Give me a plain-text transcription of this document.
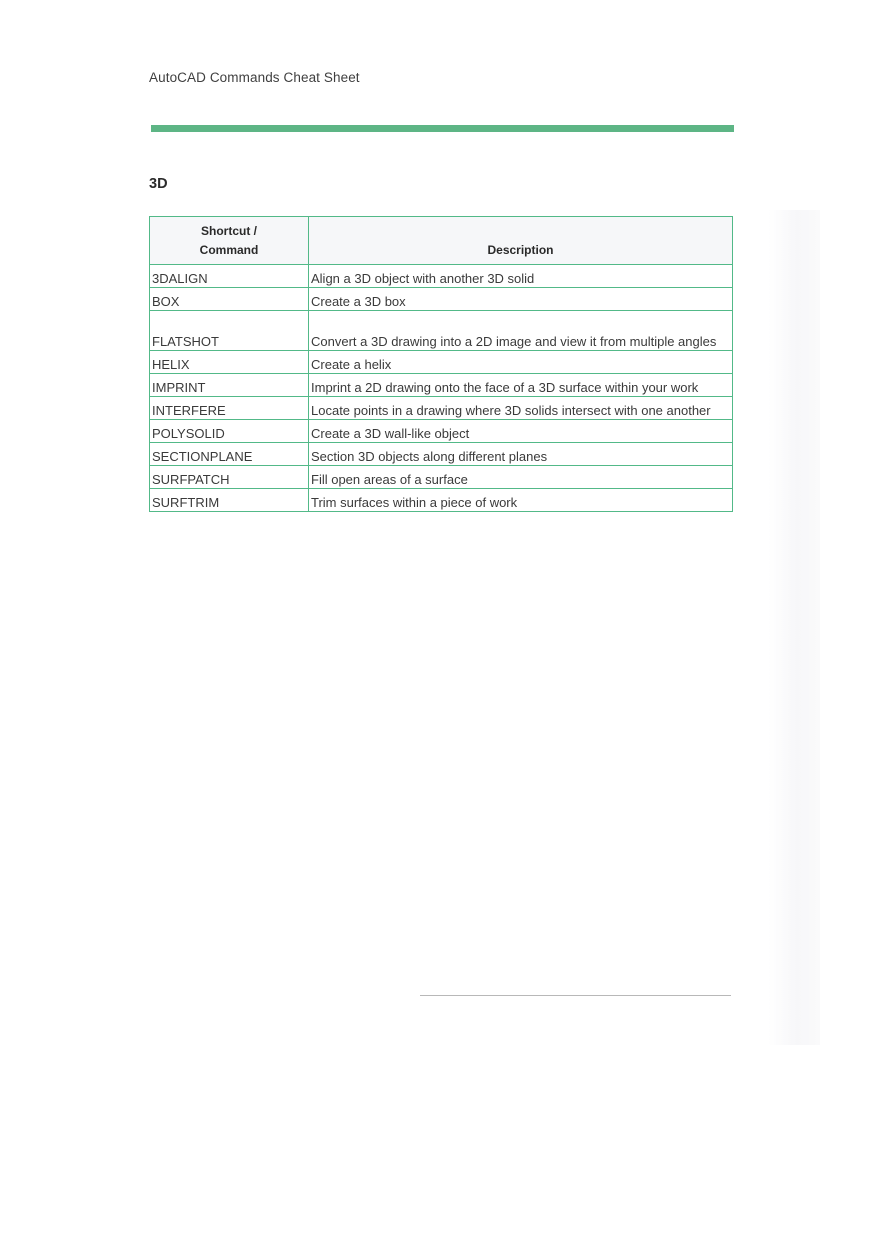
AutoCAD Commands Cheat Sheet
3D
Shortcut /
Command	Description
3DALIGN	Align a 3D object with another 3D solid
BOX	Create a 3D box
FLATSHOT	Convert a 3D drawing into a 2D image and view it from multiple angles
HELIX	Create a helix
IMPRINT	Imprint a 2D drawing onto the face of a 3D surface within your work
INTERFERE	Locate points in a drawing where 3D solids intersect with one another
POLYSOLID	Create a 3D wall-like object
SECTIONPLANE	Section 3D objects along different planes
SURFPATCH	Fill open areas of a surface
SURFTRIM	Trim surfaces within a piece of work
